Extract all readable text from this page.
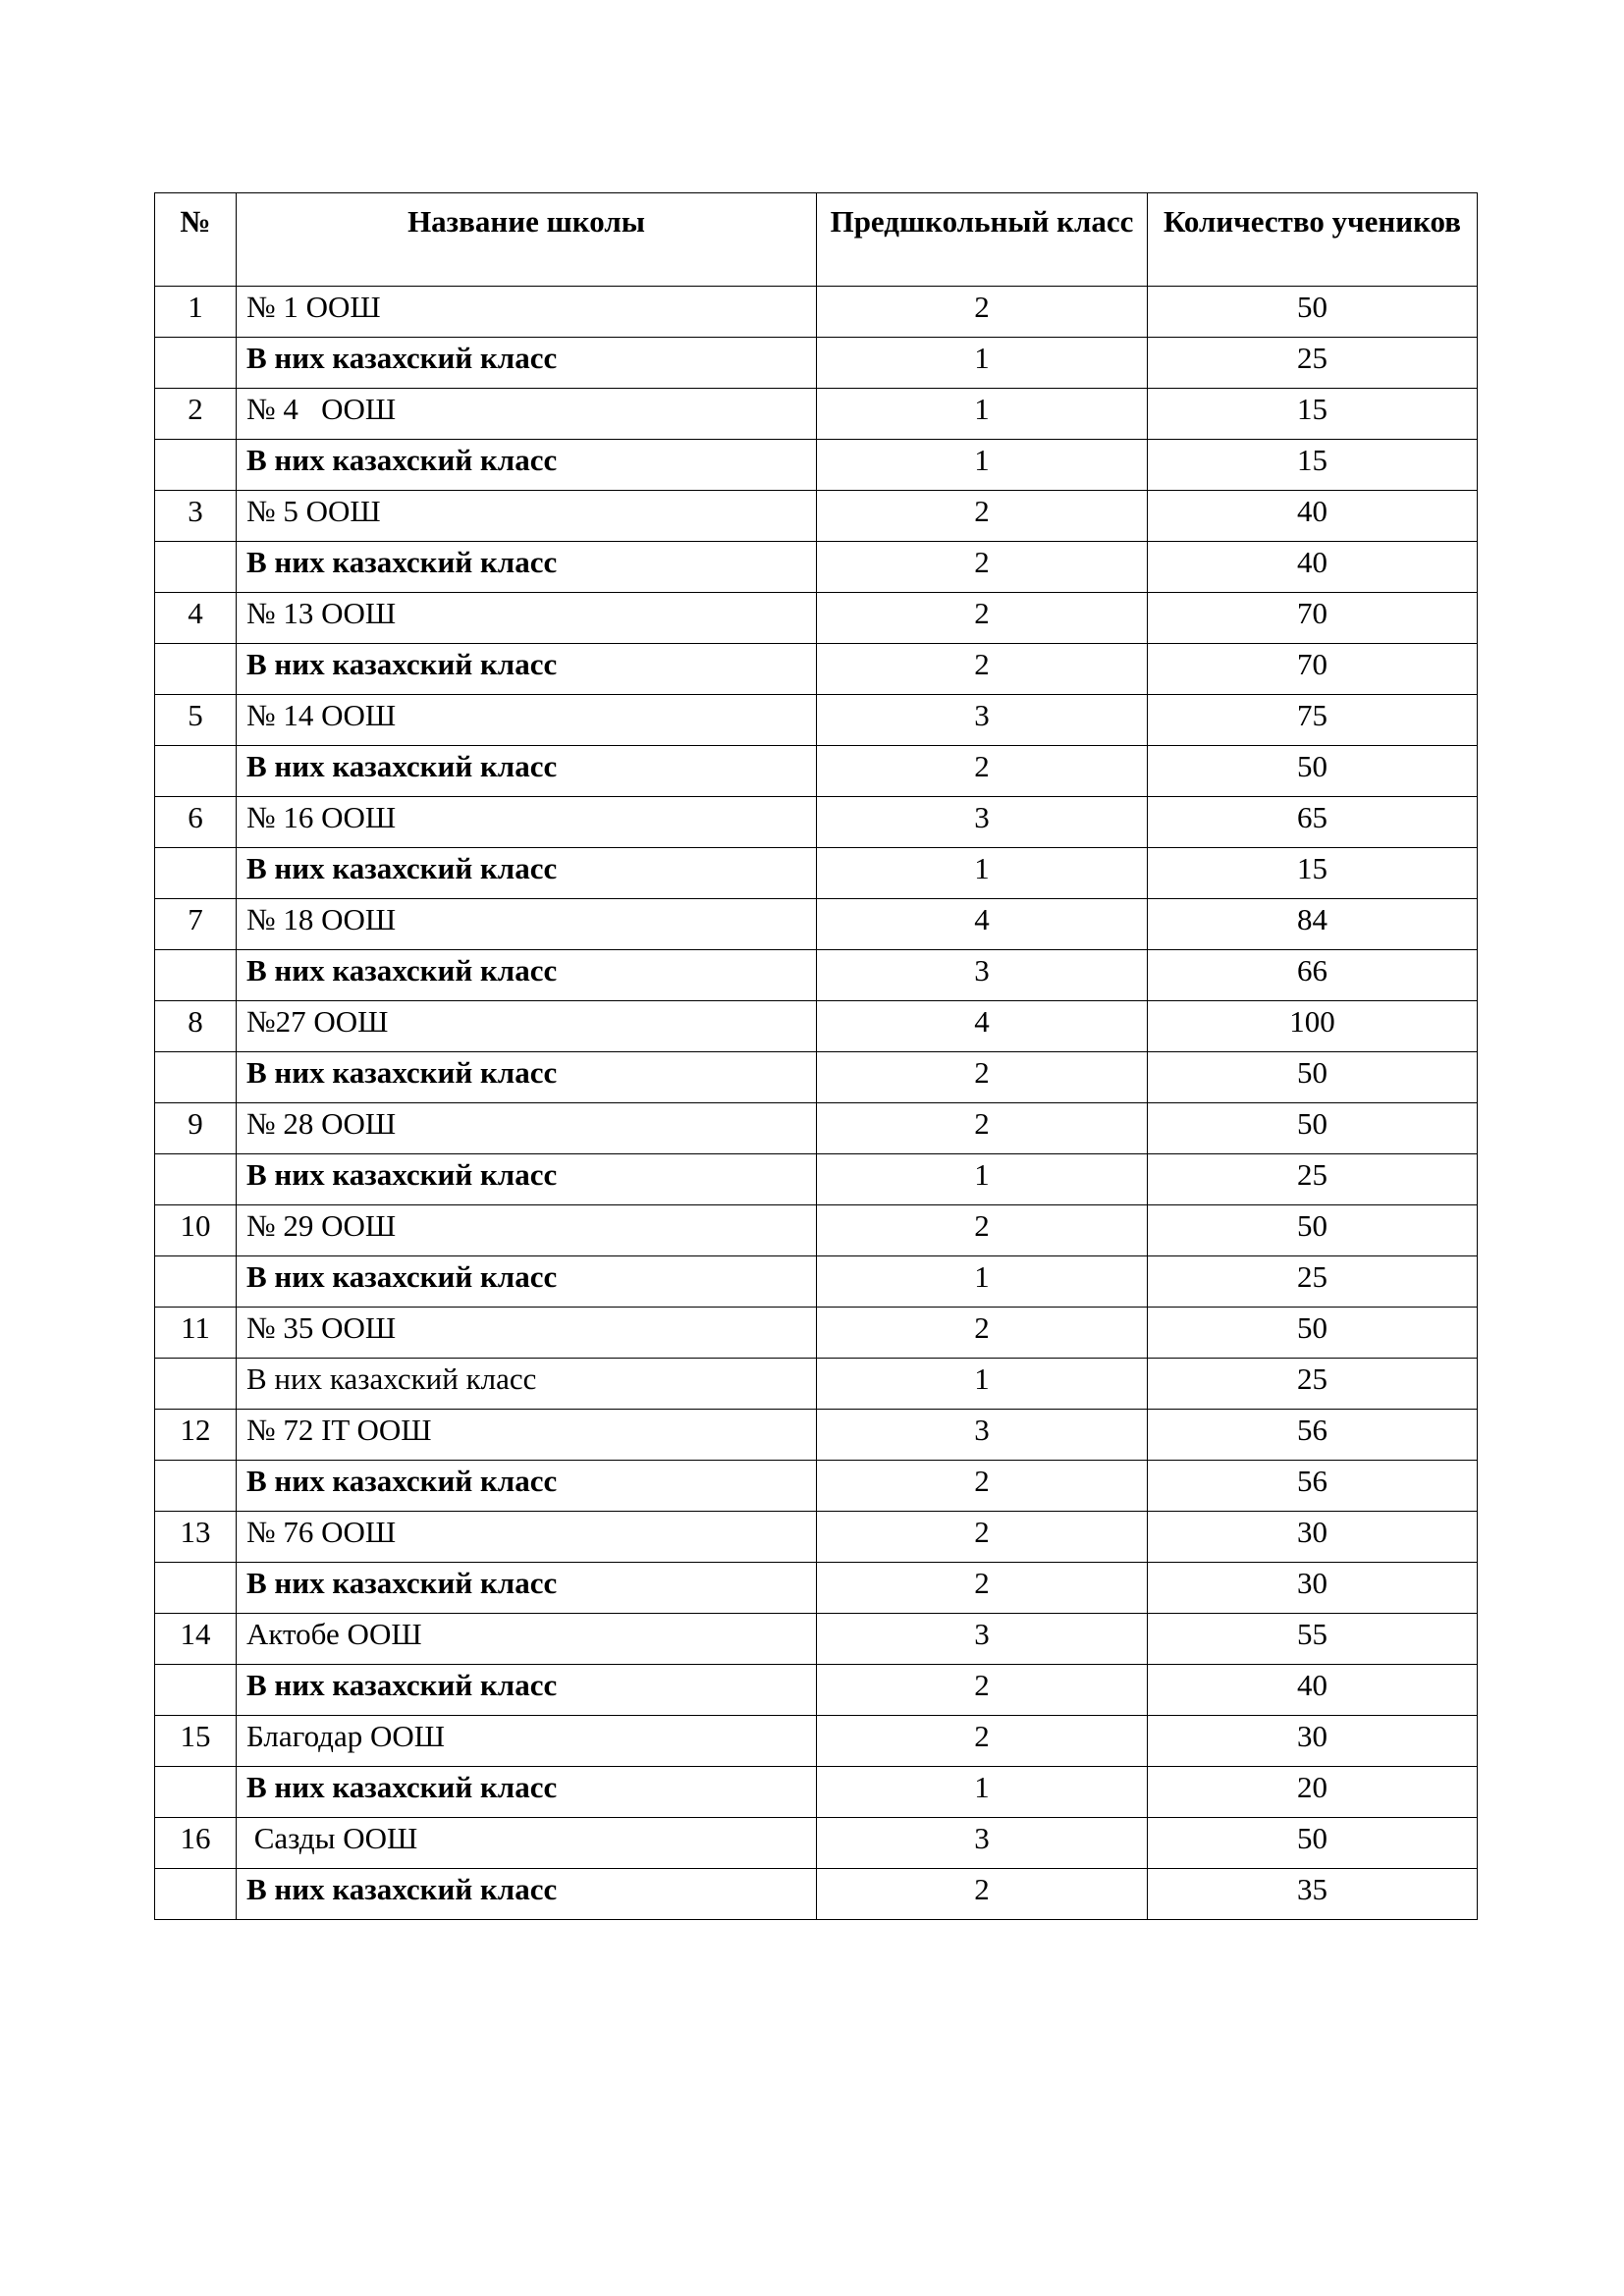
№	Название школы	Предшкольный класс	Количество учеников
1	№ 1 ООШ	2	50
	В них казахский класс	1	25
2	№ 4   ООШ	1	15
	В них казахский класс	1	15
3	№ 5 ООШ	2	40
	В них казахский класс	2	40
4	№ 13 ООШ	2	70
	В них казахский класс	2	70
5	№ 14 ООШ	3	75
	В них казахский класс	2	50
6	№ 16 ООШ	3	65
	В них казахский класс	1	15
7	№ 18 ООШ	4	84
	В них казахский класс	3	66
8	№27 ООШ	4	100
	В них казахский класс	2	50
9	№ 28 ООШ	2	50
	В них казахский класс	1	25
10	№ 29 ООШ	2	50
	В них казахский класс	1	25
11	№ 35 ООШ	2	50
	В них казахский класс	1	25
12	№ 72 IT ООШ	3	56
	В них казахский класс	2	56
13	№ 76 ООШ	2	30
	В них казахский класс	2	30
14	Актобе ООШ	3	55
	В них казахский класс	2	40
15	Благодар ООШ	2	30
	В них казахский класс	1	20
16	Сазды ООШ	3	50
	В них казахский класс	2	35
